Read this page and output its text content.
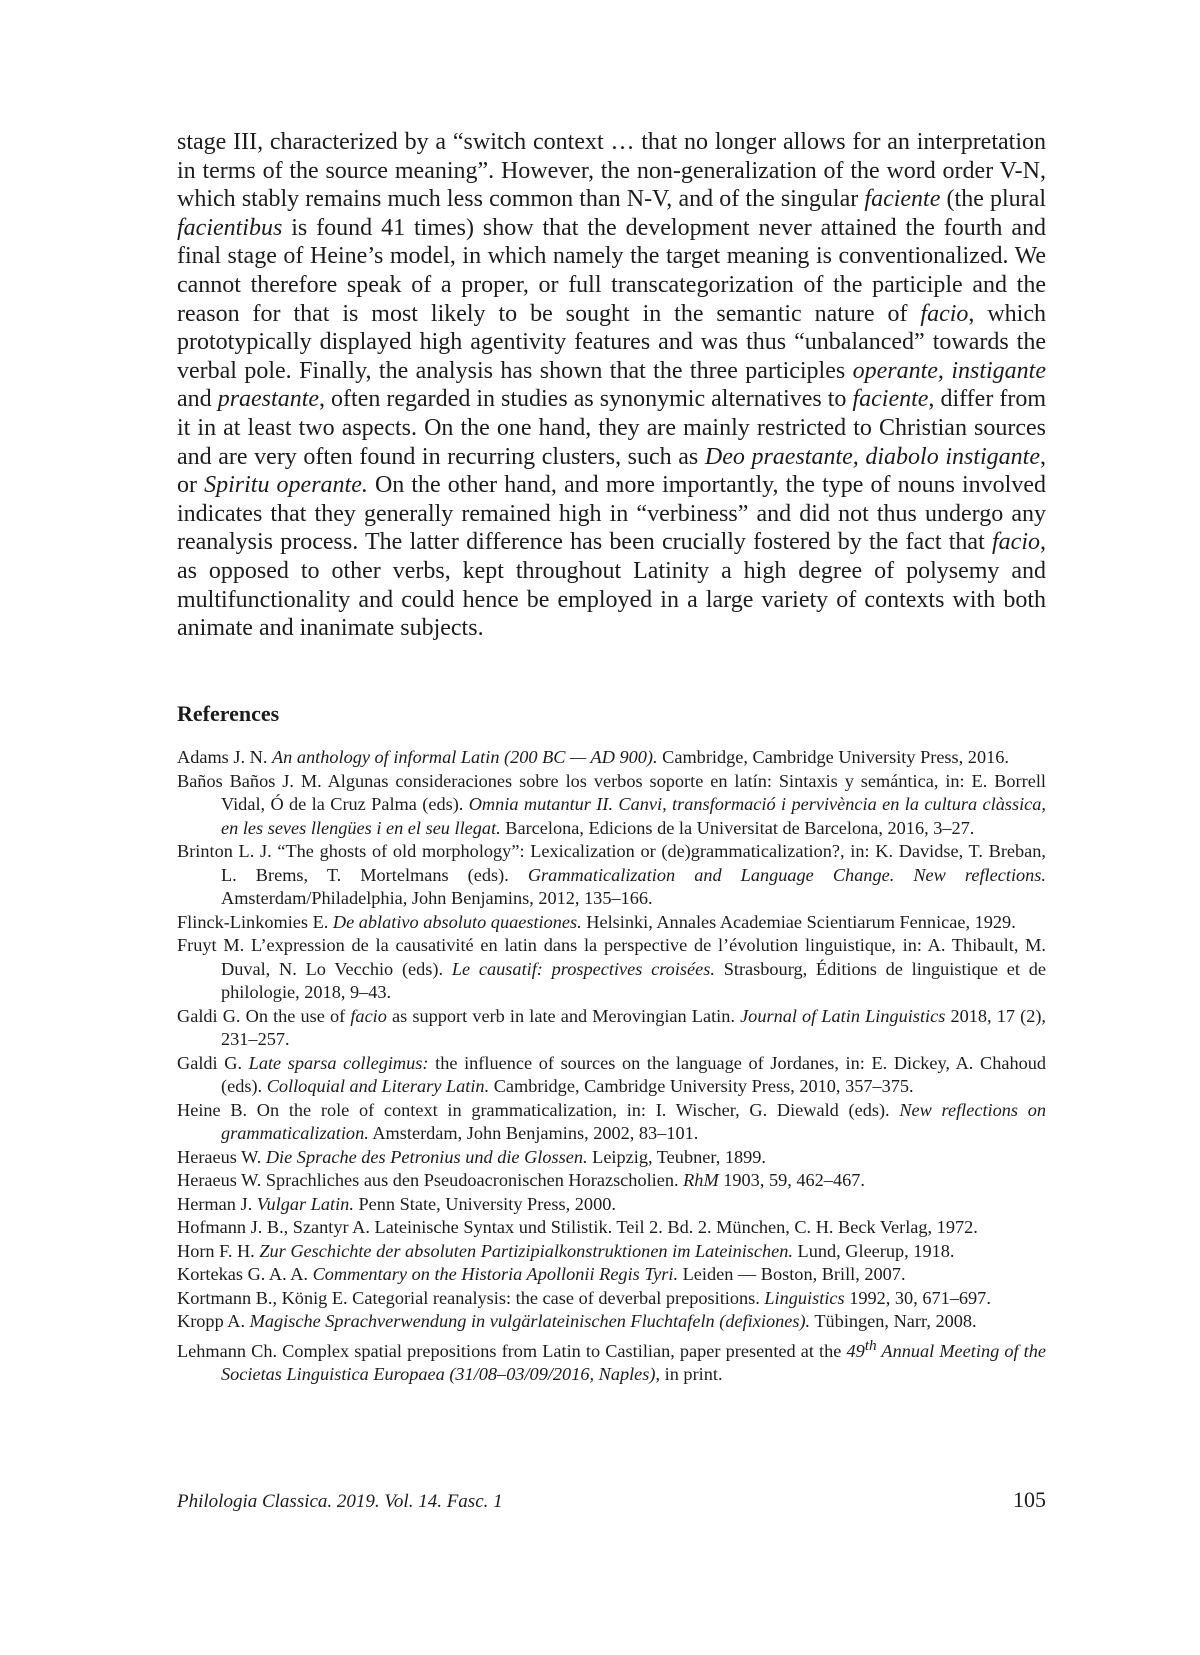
stage III, characterized by a “switch context … that no longer allows for an interpretation in terms of the source meaning”. However, the non-generalization of the word order V-N, which stably remains much less common than N-V, and of the singular faciente (the plural facientibus is found 41 times) show that the development never attained the fourth and final stage of Heine’s model, in which namely the target meaning is conventionalized. We cannot therefore speak of a proper, or full transcategorization of the participle and the reason for that is most likely to be sought in the semantic nature of facio, which prototypically displayed high agentivity features and was thus “unbalanced” towards the verbal pole. Finally, the analysis has shown that the three participles operante, instigante and praestante, often regarded in studies as synonymic alternatives to faciente, differ from it in at least two aspects. On the one hand, they are mainly restricted to Christian sources and are very often found in recurring clusters, such as Deo praestante, diabolo instigante, or Spiritu operante. On the other hand, and more importantly, the type of nouns involved indicates that they generally remained high in “verbiness” and did not thus undergo any reanalysis process. The latter difference has been crucially fostered by the fact that facio, as opposed to other verbs, kept throughout Latinity a high degree of polysemy and multifunctionality and could hence be employed in a large variety of contexts with both animate and inanimate subjects.

References
Adams J. N. An anthology of informal Latin (200 BC — AD 900). Cambridge, Cambridge University Press, 2016.
Baños Baños J. M. Algunas consideraciones sobre los verbos soporte en latín: Sintaxis y semántica, in: E. Borrell Vidal, Ó de la Cruz Palma (eds). Omnia mutantur II. Canvi, transformació i pervivència en la cultura clàssica, en les seves llengües i en el seu llegat. Barcelona, Edicions de la Universitat de Barcelona, 2016, 3–27.
Brinton L. J. “The ghosts of old morphology”: Lexicalization or (de)grammaticalization?, in: K. Davidse, T. Breban, L. Brems, T. Mortelmans (eds). Grammaticalization and Language Change. New reflections. Amsterdam/Philadelphia, John Benjamins, 2012, 135–166.
Flinck-Linkomies E. De ablativo absoluto quaestiones. Helsinki, Annales Academiae Scientiarum Fennicae, 1929.
Fruyt M. L’expression de la causativité en latin dans la perspective de l’évolution linguistique, in: A. Thibault, M. Duval, N. Lo Vecchio (eds). Le causatif: prospectives croisées. Strasbourg, Éditions de linguistique et de philologie, 2018, 9–43.
Galdi G. On the use of facio as support verb in late and Merovingian Latin. Journal of Latin Linguistics 2018, 17 (2), 231–257.
Galdi G. Late sparsa collegimus: the influence of sources on the language of Jordanes, in: E. Dickey, A. Chahoud (eds). Colloquial and Literary Latin. Cambridge, Cambridge University Press, 2010, 357–375.
Heine B. On the role of context in grammaticalization, in: I. Wischer, G. Diewald (eds). New reflections on grammaticalization. Amsterdam, John Benjamins, 2002, 83–101.
Heraeus W. Die Sprache des Petronius und die Glossen. Leipzig, Teubner, 1899.
Heraeus W. Sprachliches aus den Pseudoacronischen Horazscholien. RhM 1903, 59, 462–467.
Herman J. Vulgar Latin. Penn State, University Press, 2000.
Hofmann J. B., Szantyr A. Lateinische Syntax und Stilistik. Teil 2. Bd. 2. München, C. H. Beck Verlag, 1972.
Horn F. H. Zur Geschichte der absoluten Partizipialkonstruktionen im Lateinischen. Lund, Gleerup, 1918.
Kortekas G. A. A. Commentary on the Historia Apollonii Regis Tyri. Leiden — Boston, Brill, 2007.
Kortmann B., König E. Categorial reanalysis: the case of deverbal prepositions. Linguistics 1992, 30, 671–697.
Kropp A. Magische Sprachverwendung in vulgärlateinischen Fluchtafeln (defixiones). Tübingen, Narr, 2008.
Lehmann Ch. Complex spatial prepositions from Latin to Castilian, paper presented at the 49th Annual Meeting of the Societas Linguistica Europaea (31/08–03/09/2016, Naples), in print.
Philologia Classica. 2019. Vol. 14. Fasc. 1	105
